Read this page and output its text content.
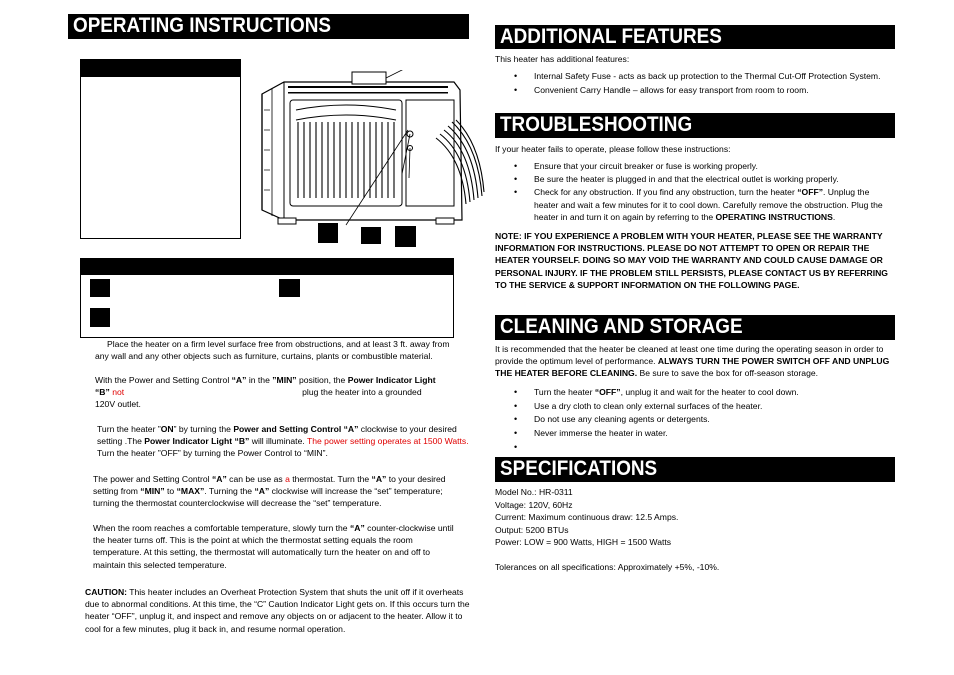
OPERATING INSTRUCTIONS
Place the heater on a firm level surface free from obstructions, and at least 3 ft. away from any wall and any other objects such as furniture, curtains, plants or combustible material.
With the Power and Setting Control “A” in the ”MIN” position, the Power Indicator Light
“B” not	plug the heater into a grounded
120V outlet.
Turn the heater ”ON” by turning the Power and Setting Control “A” clockwise to your desired setting .The Power Indicator Light “B” will illuminate. The power setting operates at 1500 Watts. Turn the heater ”OFF” by turning the Power Control to “MIN”.
The power and Setting Control “A” can be use as a thermostat. Turn the “A” to your desired setting from “MIN” to “MAX”. Turning the “A” clockwise will increase the “set” temperature; turning the thermostat counterclockwise will decrease the “set” temperature.
When the room reaches a comfortable temperature, slowly turn the “A” counter-clockwise until the heater turns off. This is the point at which the thermostat setting equals the room temperature. At this setting, the thermostat will automatically turn the heater on and off to maintain this selected temperature.
CAUTION: This heater includes an Overheat Protection System that shuts the unit off if it overheats due to abnormal conditions. At this time, the “C” Caution Indicator Light gets on. If this occurs turn the heater “OFF”, unplug it, and inspect and remove any objects on or adjacent to the heater. Allow it to cool for a few minutes, plug it back in, and resume normal operation.
ADDITIONAL FEATURES
This heater has additional features:
• Internal Safety Fuse - acts as back up protection to the Thermal Cut-Off Protection System.
• Convenient Carry Handle – allows for easy transport from room to room.
TROUBLESHOOTING
If your heater fails to operate, please follow these instructions:
• Ensure that your circuit breaker or fuse is working properly.
• Be sure the heater is plugged in and that the electrical outlet is working properly.
• Check for any obstruction. If you find any obstruction, turn the heater “OFF”. Unplug the heater and wait a few minutes for it to cool down. Carefully remove the obstruction. Plug the heater in and turn it on again by referring to the OPERATING INSTRUCTIONS.
NOTE: IF YOU EXPERIENCE A PROBLEM WITH YOUR HEATER, PLEASE SEE THE WARRANTY INFORMATION FOR INSTRUCTIONS. PLEASE DO NOT ATTEMPT TO OPEN OR REPAIR THE HEATER YOURSELF. DOING SO MAY VOID THE WARRANTY AND COULD CAUSE DAMAGE OR PERSONAL INJURY. IF THE PROBLEM STILL PERSISTS, PLEASE CONTACT US BY REFERRING TO THE SERVICE & SUPPORT INFORMATION ON THE FOLLOWING PAGE.
CLEANING AND STORAGE
It is recommended that the heater be cleaned at least one time during the operating season in order to provide the optimum level of performance. ALWAYS TURN THE POWER SWITCH OFF AND UNPLUG THE HEATER BEFORE CLEANING. Be sure to save the box for off-season storage.
• Turn the heater “OFF”, unplug it and wait for the heater to cool down.
• Use a dry cloth to clean only external surfaces of the heater.
• Do not use any cleaning agents or detergents.
• Never immerse the heater in water.
•
SPECIFICATIONS
Model No.: HR-0311
Voltage: 120V, 60Hz
Current: Maximum continuous draw: 12.5 Amps.
Output: 5200 BTUs
Power: LOW = 900 Watts, HIGH = 1500 Watts
Tolerances on all specifications: Approximately +5%, -10%.
